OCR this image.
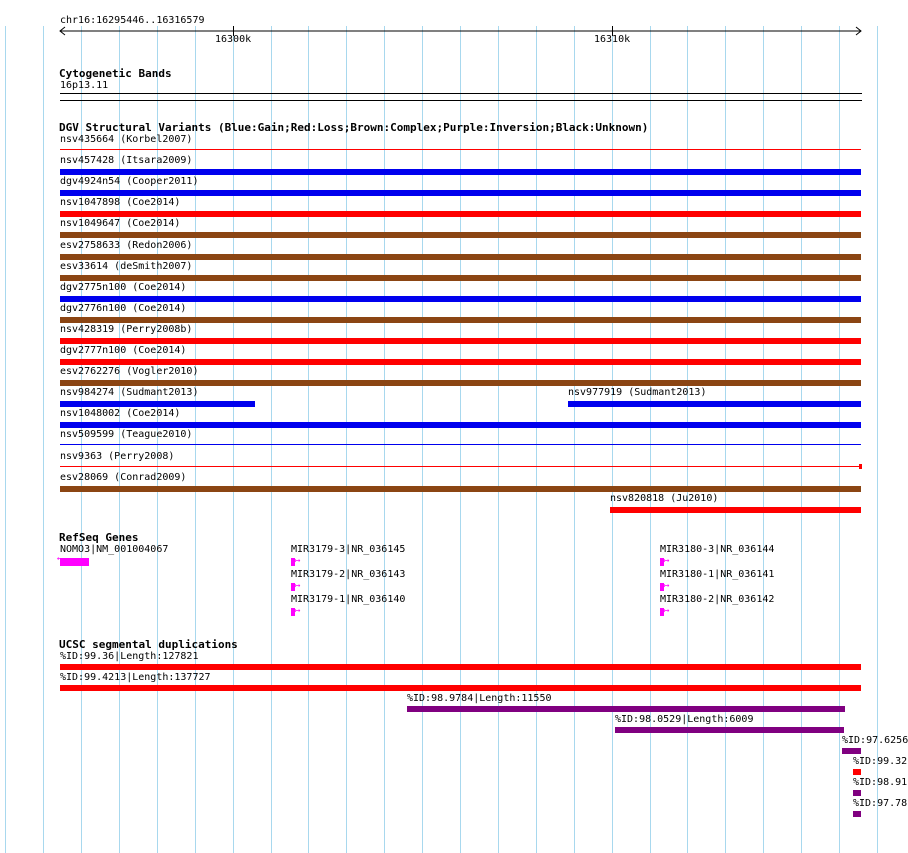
chr16:16295446..16316579
16300k	16310k
Cytogenetic Bands
16p13.11
DGV Structural Variants (Blue:Gain;Red:Loss;Brown:Complex;Purple:Inversion;Black:Unknown)
nsv435664 (Korbel2007)
nsv457428 (Itsara2009)
dgv4924n54 (Cooper2011)
nsv1047898 (Coe2014)
nsv1049647 (Coe2014)
esv2758633 (Redon2006)
esv33614 (deSmith2007)
dgv2775n100 (Coe2014)
dgv2776n100 (Coe2014)
nsv428319 (Perry2008b)
dgv2777n100 (Coe2014)
esv2762276 (Vogler2010)
nsv984274 (Sudmant2013)	nsv977919 (Sudmant2013)
nsv1048002 (Coe2014)
nsv509599 (Teague2010)
nsv9363 (Perry2008)
esv28069 (Conrad2009)
nsv820818 (Ju2010)
RefSeq Genes
NOMO3|NM_001004067
←
MIR3179-3|NR_036145
↦
MIR3179-2|NR_036143
↦
MIR3179-1|NR_036140
↦
MIR3180-3|NR_036144
↦
MIR3180-1|NR_036141
↦
MIR3180-2|NR_036142
↦
UCSC segmental duplications
%ID:99.36|Length:127821
%ID:99.4213|Length:137727
%ID:98.9784|Length:11550
%ID:98.0529|Length:6009
%ID:97.6256
%ID:99.32
%ID:98.91
%ID:97.78
